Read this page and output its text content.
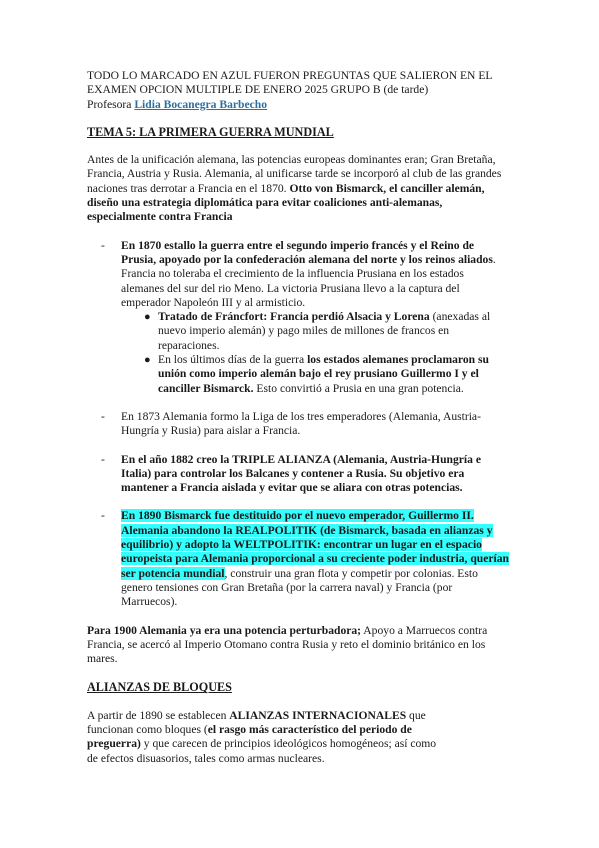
TODO LO MARCADO EN AZUL FUERON PREGUNTAS QUE SALIERON EN EL

EXAMEN OPCION MULTIPLE DE ENERO 2025 GRUPO B (de tarde)

Profesora Lidia Bocanegra Barbecho

TEMA 5: LA PRIMERA GUERRA MUNDIAL

Antes de la unificación alemana, las potencias europeas dominantes eran; Gran Bretaña, Francia, Austria y Rusia. Alemania, al unificarse tarde se incorporó al club de las grandes naciones tras derrotar a Francia en el 1870. Otto von Bismarck, el canciller alemán, diseño una estrategia diplomática para evitar coaliciones anti-alemanas, especialmente contra Francia

- En 1870 estallo la guerra entre el segundo imperio francés y el Reino de Prusia, apoyado por la confederación alemana del norte y los reinos aliados. Francia no toleraba el crecimiento de la influencia Prusiana en los estados alemanes del sur del rio Meno. La victoria Prusiana llevo a la captura del emperador Napoleón III y al armisticio.
● Tratado de Fráncfort: Francia perdió Alsacia y Lorena (anexadas al nuevo imperio alemán) y pago miles de millones de francos en reparaciones.
● En los últimos días de la guerra los estados alemanes proclamaron su unión como imperio alemán bajo el rey prusiano Guillermo I y el canciller Bismarck. Esto convirtió a Prusia en una gran potencia.
- En 1873 Alemania formo la Liga de los tres emperadores (Alemania, Austria-Hungría y Rusia) para aislar a Francia.
- En el año 1882 creo la TRIPLE ALIANZA (Alemania, Austria-Hungría e Italia) para controlar los Balcanes y contener a Rusia. Su objetivo era mantener a Francia aislada y evitar que se aliara con otras potencias.
- En 1890 Bismarck fue destituido por el nuevo emperador, Guillermo II. Alemania abandono la REALPOLITIK (de Bismarck, basada en alianzas y equilibrio) y adopto la WELTPOLITIK: encontrar un lugar en el espacio europeista para Alemania proporcional a su creciente poder industria, querían ser potencia mundial, construir una gran flota y competir por colonias. Esto genero tensiones con Gran Bretaña (por la carrera naval) y Francia (por Marruecos).

Para 1900 Alemania ya era una potencia perturbadora; Apoyo a Marruecos contra Francia, se acercó al Imperio Otomano contra Rusia y reto el dominio británico en los mares.

ALIANZAS DE BLOQUES

A partir de 1890 se establecen ALIANZAS INTERNACIONALES que

funcionan como bloques (el rasgo más característico del periodo de

preguerra) y que carecen de principios ideológicos homogéneos; así como

de efectos disuasorios, tales como armas nucleares.
